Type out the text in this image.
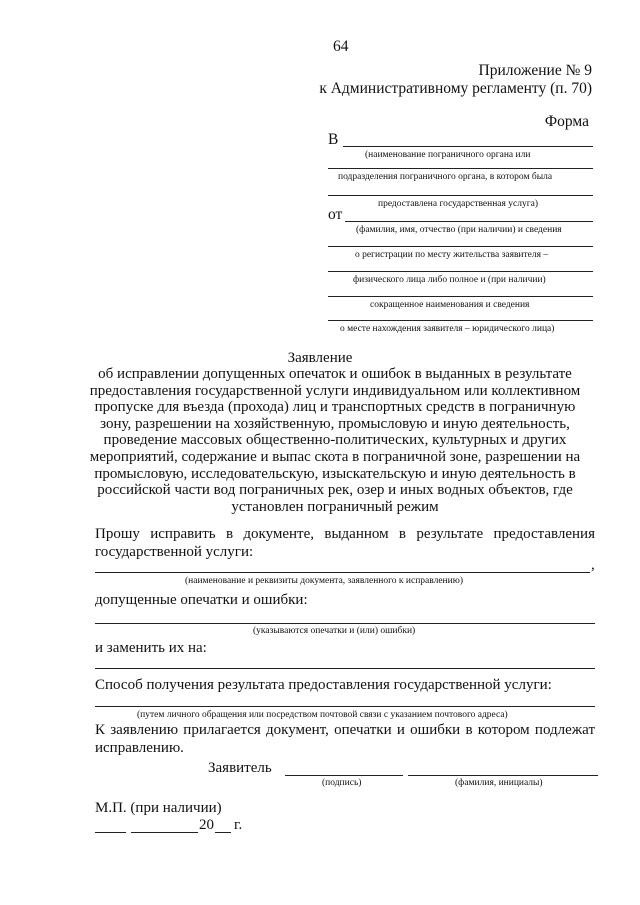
64
Приложение № 9
к Административному регламенту (п. 70)
Форма
В
(наименование пограничного органа или
подразделения пограничного органа, в котором была
предоставлена государственная услуга)
от
(фамилия, имя, отчество (при наличии) и сведения
о регистрации по месту жительства заявителя –
физического лица либо полное и (при наличии)
сокращенное наименования и сведения
о месте нахождения заявителя – юридического лица)
Заявление
об исправлении допущенных опечаток и ошибок в выданных в результате
предоставления государственной услуги индивидуальном или коллективном
пропуске для въезда (прохода) лиц и транспортных средств в пограничную
зону, разрешении на хозяйственную, промысловую и иную деятельность,
проведение массовых общественно-политических, культурных и других
мероприятий, содержание и выпас скота в пограничной зоне, разрешении на
промысловую, исследовательскую, изыскательскую и иную деятельность в
российской части вод пограничных рек, озер и иных водных объектов, где
установлен пограничный режим
Прошу исправить в документе, выданном в результате предоставления
государственной услуги:
,
(наименование и реквизиты документа, заявленного к исправлению)
допущенные опечатки и ошибки:
(указываются опечатки и (или) ошибки)
и заменить их на:
Способ получения результата предоставления государственной услуги:
(путем личного обращения или посредством почтовой связи с указанием почтового адреса)
К заявлению прилагается документ, опечатки и ошибки в котором подлежат
исправлению.
Заявитель
(подпись)	(фамилия, инициалы)
М.П. (при наличии)
20 г.
